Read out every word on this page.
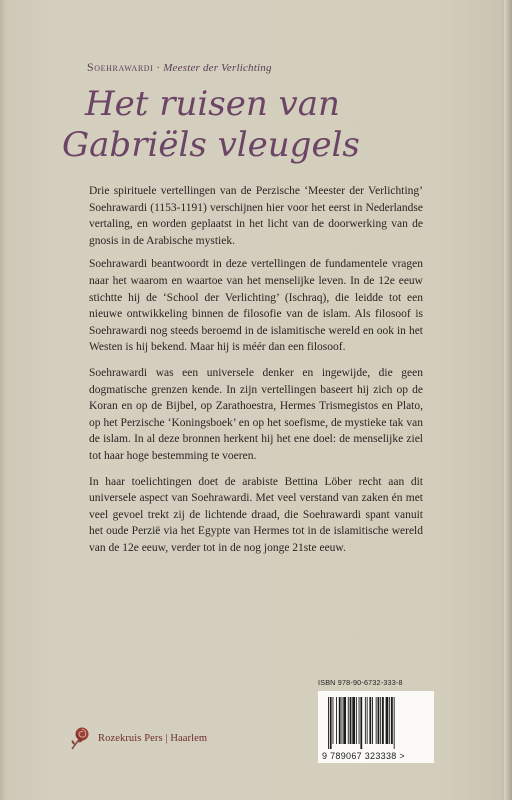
Soehrawardi · Meester der Verlichting
Het ruisen van
Gabriëls vleugels

Drie spirituele vertellingen van de Perzische ‘Meester der Verlichting’ Soehrawardi (1153-1191) verschijnen hier voor het eerst in Nederlandse vertaling, en worden geplaatst in het licht van de doorwerking van de gnosis in de Arabische mystiek.

Soehrawardi beantwoordt in deze vertellingen de fundamentele vragen naar het waarom en waartoe van het menselijke leven. In de 12e eeuw stichtte hij de ‘School der Verlichting’ (Ischraq), die leidde tot een nieuwe ontwikkeling binnen de filosofie van de islam. Als filosoof is Soehrawardi nog steeds beroemd in de islamitische wereld en ook in het Westen is hij bekend. Maar hij is méér dan een filosoof.

Soehrawardi was een universele denker en ingewijde, die geen dogmatische grenzen kende. In zijn vertellingen baseert hij zich op de Koran en op de Bijbel, op Zarathoestra, Hermes Trismegistos en Plato, op het Perzische ‘Koningsboek’ en op het soefisme, de mystieke tak van de islam. In al deze bronnen herkent hij het ene doel: de menselijke ziel tot haar hoge bestemming te voeren.

In haar toelichtingen doet de arabiste Bettina Löber recht aan dit universele aspect van Soehrawardi. Met veel verstand van zaken én met veel gevoel trekt zij de lichtende draad, die Soehrawardi spant vanuit het oude Perzië via het Egypte van Hermes tot in de islamitische wereld van de 12e eeuw, verder tot in de nog jonge 21ste eeuw.

Rozekruis Pers | Haarlem
ISBN 978-90-6732-333-8
9 789067 323338 >
